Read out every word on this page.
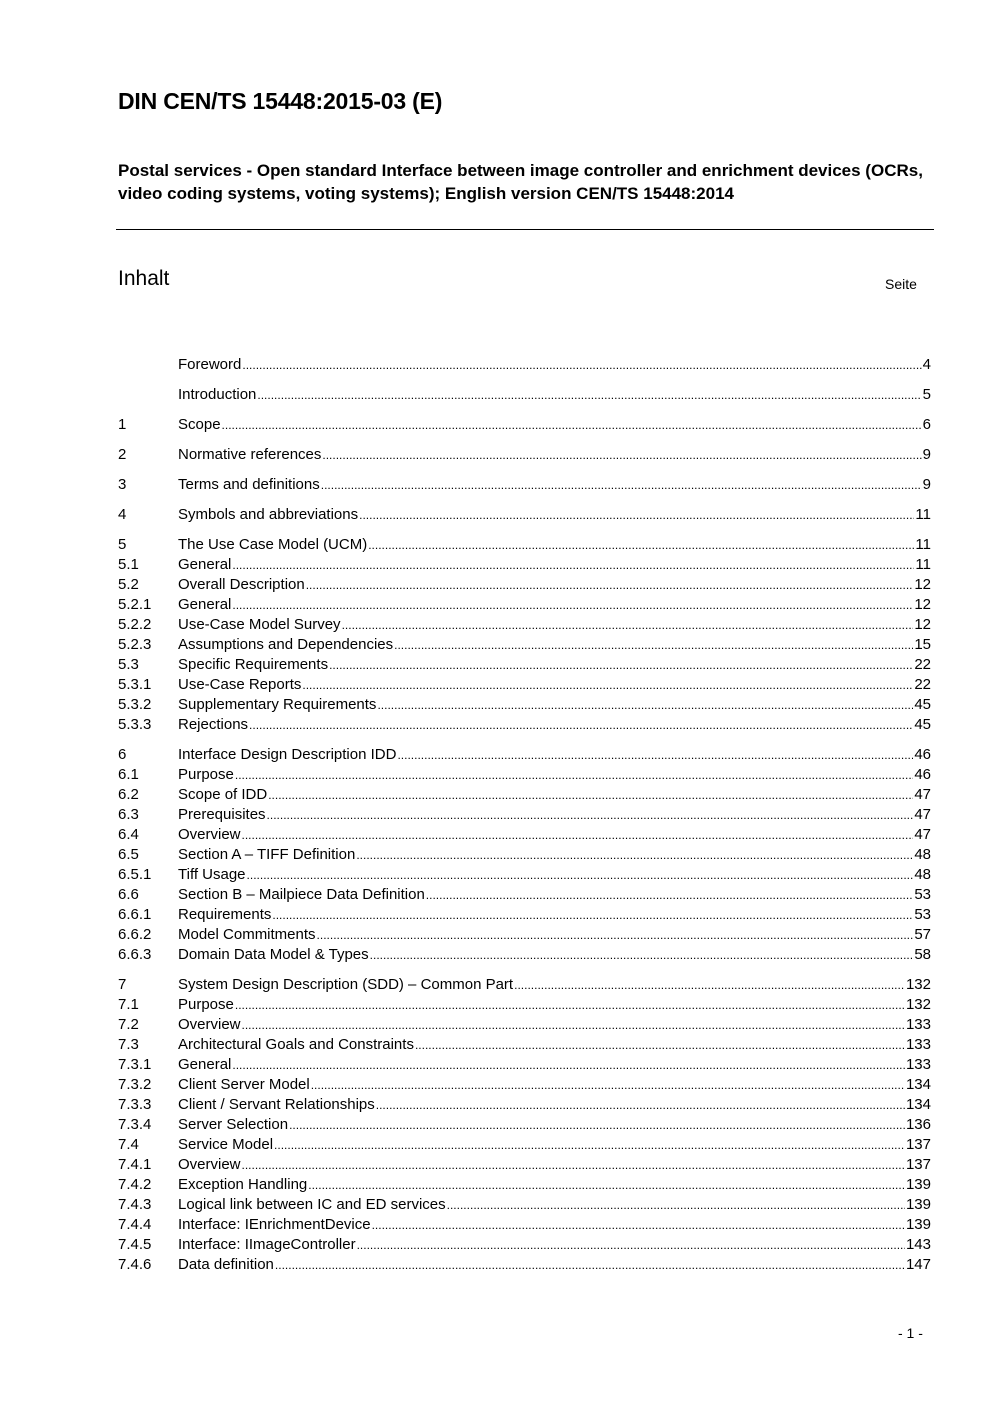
DIN CEN/TS 15448:2015-03 (E)
Postal services - Open standard Interface between image controller and enrichment devices (OCRs, video coding systems, voting systems); English version CEN/TS 15448:2014
Inhalt	Seite
Foreword .....	4
Introduction .....	5
1	Scope .....	6
2	Normative references .....	9
3	Terms and definitions .....	9
4	Symbols and abbreviations .....	11
5	The Use Case Model (UCM) .....	11
5.1	General .....	11
5.2	Overall Description .....	12
5.2.1	General .....	12
5.2.2	Use-Case Model Survey .....	12
5.2.3	Assumptions and Dependencies .....	15
5.3	Specific Requirements .....	22
5.3.1	Use-Case Reports .....	22
5.3.2	Supplementary Requirements .....	45
5.3.3	Rejections .....	45
6	Interface Design Description IDD .....	46
6.1	Purpose .....	46
6.2	Scope of IDD .....	47
6.3	Prerequisites .....	47
6.4	Overview .....	47
6.5	Section A – TIFF Definition .....	48
6.5.1	Tiff Usage .....	48
6.6	Section B – Mailpiece Data Definition .....	53
6.6.1	Requirements .....	53
6.6.2	Model Commitments .....	57
6.6.3	Domain Data Model & Types .....	58
7	System Design Description (SDD) – Common Part .....	132
7.1	Purpose .....	132
7.2	Overview .....	133
7.3	Architectural Goals and Constraints .....	133
7.3.1	General .....	133
7.3.2	Client Server Model .....	134
7.3.3	Client / Servant Relationships .....	134
7.3.4	Server Selection .....	136
7.4	Service Model .....	137
7.4.1	Overview .....	137
7.4.2	Exception Handling .....	139
7.4.3	Logical link between IC and ED services .....	139
7.4.4	Interface: IEnrichmentDevice .....	139
7.4.5	Interface: IImageController .....	143
7.4.6	Data definition .....	147
- 1 -
